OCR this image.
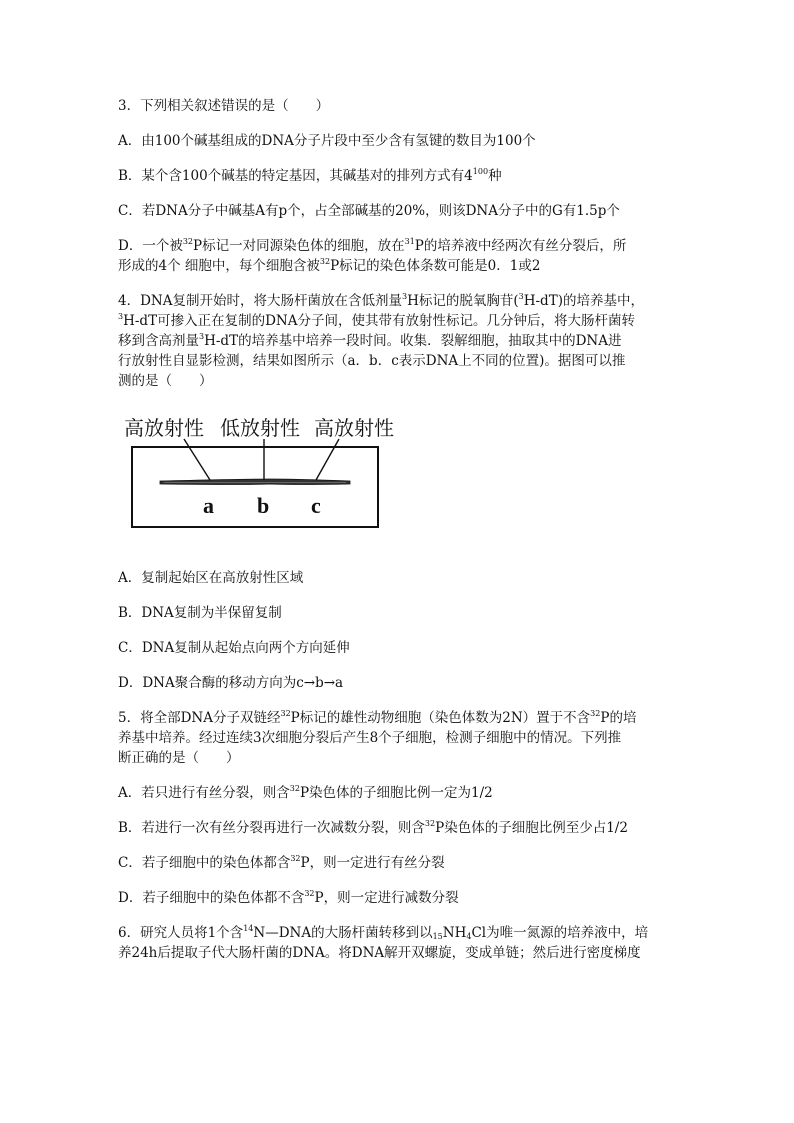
3．下列相关叙述错误的是（　　）

A．由100个碱基组成的DNA分子片段中至少含有氢键的数目为100个

B．某个含100个碱基的特定基因，其碱基对的排列方式有$4^{100}$种

C．若DNA分子中碱基A有p个，占全部碱基的20%，则该DNA分子中的G有1.5p个

D．一个被$^{32}$P标记一对同源染色体的细胞，放在$^{31}$P的培养液中经两次有丝分裂后，所

形成的4个 细胞中，每个细胞含被$^{32}$P标记的染色体条数可能是0．1或2

4．DNA复制开始时，将大肠杆菌放在含低剂量$^3$H标记的脱氧胸苷($^3$H-dT)的培养基中，

$^3$H-dT可掺入正在复制的DNA分子间，使其带有放射性标记。几分钟后，将大肠杆菌转

移到含高剂量$^3$H-dT的培养基中培养一段时间。收集．裂解细胞，抽取其中的DNA进

行放射性自显影检测，结果如图所示（a．b．c表示DNA上不同的位置)。据图可以推

测的是（　　）

高放射性 低放射性 高放射性
a b c

A．复制起始区在高放射性区域

B．DNA复制为半保留复制

C．DNA复制从起始点向两个方向延伸

D．DNA聚合酶的移动方向为c→b→a

5．将全部DNA分子双链经$^{32}$P标记的雄性动物细胞（染色体数为2N）置于不含$^{32}$P的培

养基中培养。经过连续3次细胞分裂后产生8个子细胞，检测子细胞中的情况。下列推

断正确的是（　　）

A．若只进行有丝分裂，则含$^{32}$P染色体的子细胞比例一定为1/2

B．若进行一次有丝分裂再进行一次减数分裂，则含$^{32}$P染色体的子细胞比例至少占1/2

C．若子细胞中的染色体都含$^{32}$P，则一定进行有丝分裂

D．若子细胞中的染色体都不含$^{32}$P，则一定进行减数分裂

6．研究人员将1个含$^{14}$N—DNA的大肠杆菌转移到以$_{15}NH_4Cl$为唯一氮源的培养液中，培

养24h后提取子代大肠杆菌的DNA。将DNA解开双螺旋，变成单链；然后进行密度梯度
